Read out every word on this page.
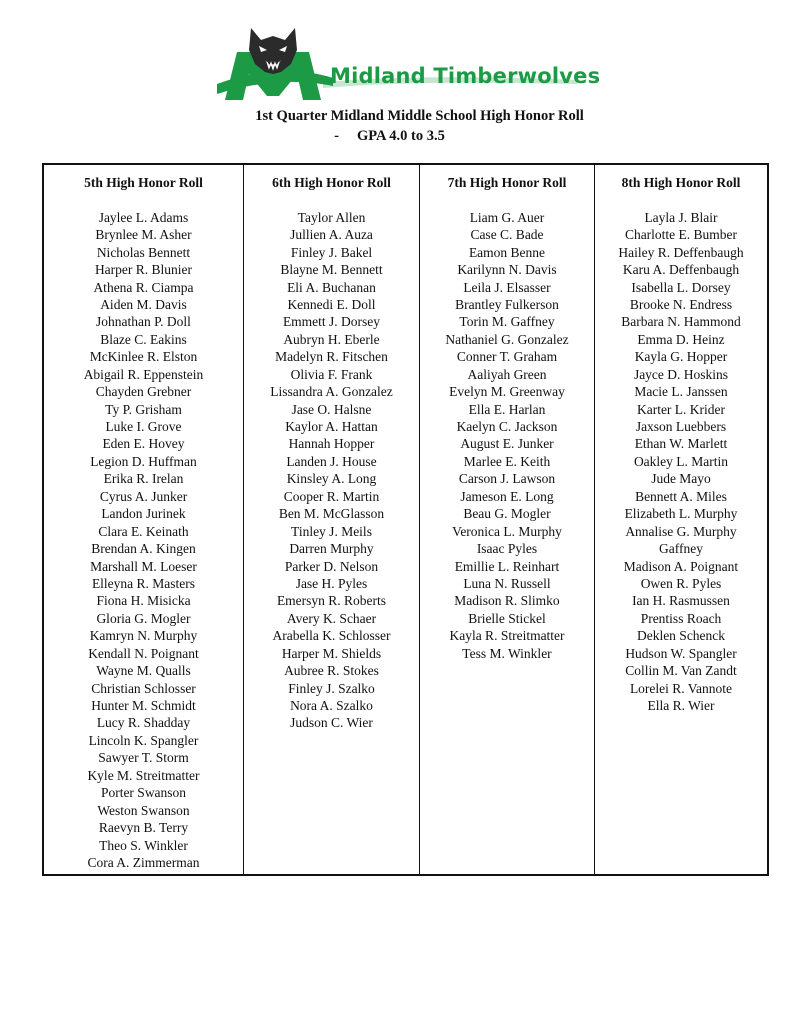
Midland Timberwolves
1st Quarter Midland Middle School High Honor Roll
- GPA 4.0 to 3.5
5th High Honor Roll
Jaylee L. Adams
Brynlee M. Asher
Nicholas Bennett
Harper R. Blunier
Athena R. Ciampa
Aiden M. Davis
Johnathan P. Doll
Blaze C. Eakins
McKinlee R. Elston
Abigail R. Eppenstein
Chayden Grebner
Ty P. Grisham
Luke I. Grove
Eden E. Hovey
Legion D. Huffman
Erika R. Irelan
Cyrus A. Junker
Landon Jurinek
Clara E. Keinath
Brendan A. Kingen
Marshall M. Loeser
Elleyna R. Masters
Fiona H. Misicka
Gloria G. Mogler
Kamryn N. Murphy
Kendall N. Poignant
Wayne M. Qualls
Christian Schlosser
Hunter M. Schmidt
Lucy R. Shadday
Lincoln K. Spangler
Sawyer T. Storm
Kyle M. Streitmatter
Porter Swanson
Weston Swanson
Raevyn B. Terry
Theo S. Winkler
Cora A. Zimmerman
6th High Honor Roll
Taylor Allen
Jullien A. Auza
Finley J. Bakel
Blayne M. Bennett
Eli A. Buchanan
Kennedi E. Doll
Emmett J. Dorsey
Aubryn H. Eberle
Madelyn R. Fitschen
Olivia F. Frank
Lissandra A. Gonzalez
Jase O. Halsne
Kaylor A. Hattan
Hannah Hopper
Landen J. House
Kinsley A. Long
Cooper R. Martin
Ben M. McGlasson
Tinley J. Meils
Darren Murphy
Parker D. Nelson
Jase H. Pyles
Emersyn R. Roberts
Avery K. Schaer
Arabella K. Schlosser
Harper M. Shields
Aubree R. Stokes
Finley J. Szalko
Nora A. Szalko
Judson C. Wier
7th High Honor Roll
Liam G. Auer
Case C. Bade
Eamon Benne
Karilynn N. Davis
Leila J. Elsasser
Brantley Fulkerson
Torin M. Gaffney
Nathaniel G. Gonzalez
Conner T. Graham
Aaliyah Green
Evelyn M. Greenway
Ella E. Harlan
Kaelyn C. Jackson
August E. Junker
Marlee E. Keith
Carson J. Lawson
Jameson E. Long
Beau G. Mogler
Veronica L. Murphy
Isaac Pyles
Emillie L. Reinhart
Luna N. Russell
Madison R. Slimko
Brielle Stickel
Kayla R. Streitmatter
Tess M. Winkler
8th High Honor Roll
Layla J. Blair
Charlotte E. Bumber
Hailey R. Deffenbaugh
Karu A. Deffenbaugh
Isabella L. Dorsey
Brooke N. Endress
Barbara N. Hammond
Emma D. Heinz
Kayla G. Hopper
Jayce D. Hoskins
Macie L. Janssen
Karter L. Krider
Jaxson Luebbers
Ethan W. Marlett
Oakley L. Martin
Jude Mayo
Bennett A. Miles
Elizabeth L. Murphy
Annalise G. Murphy
Gaffney
Madison A. Poignant
Owen R. Pyles
Ian H. Rasmussen
Prentiss Roach
Deklen Schenck
Hudson W. Spangler
Collin M. Van Zandt
Lorelei R. Vannote
Ella R. Wier
